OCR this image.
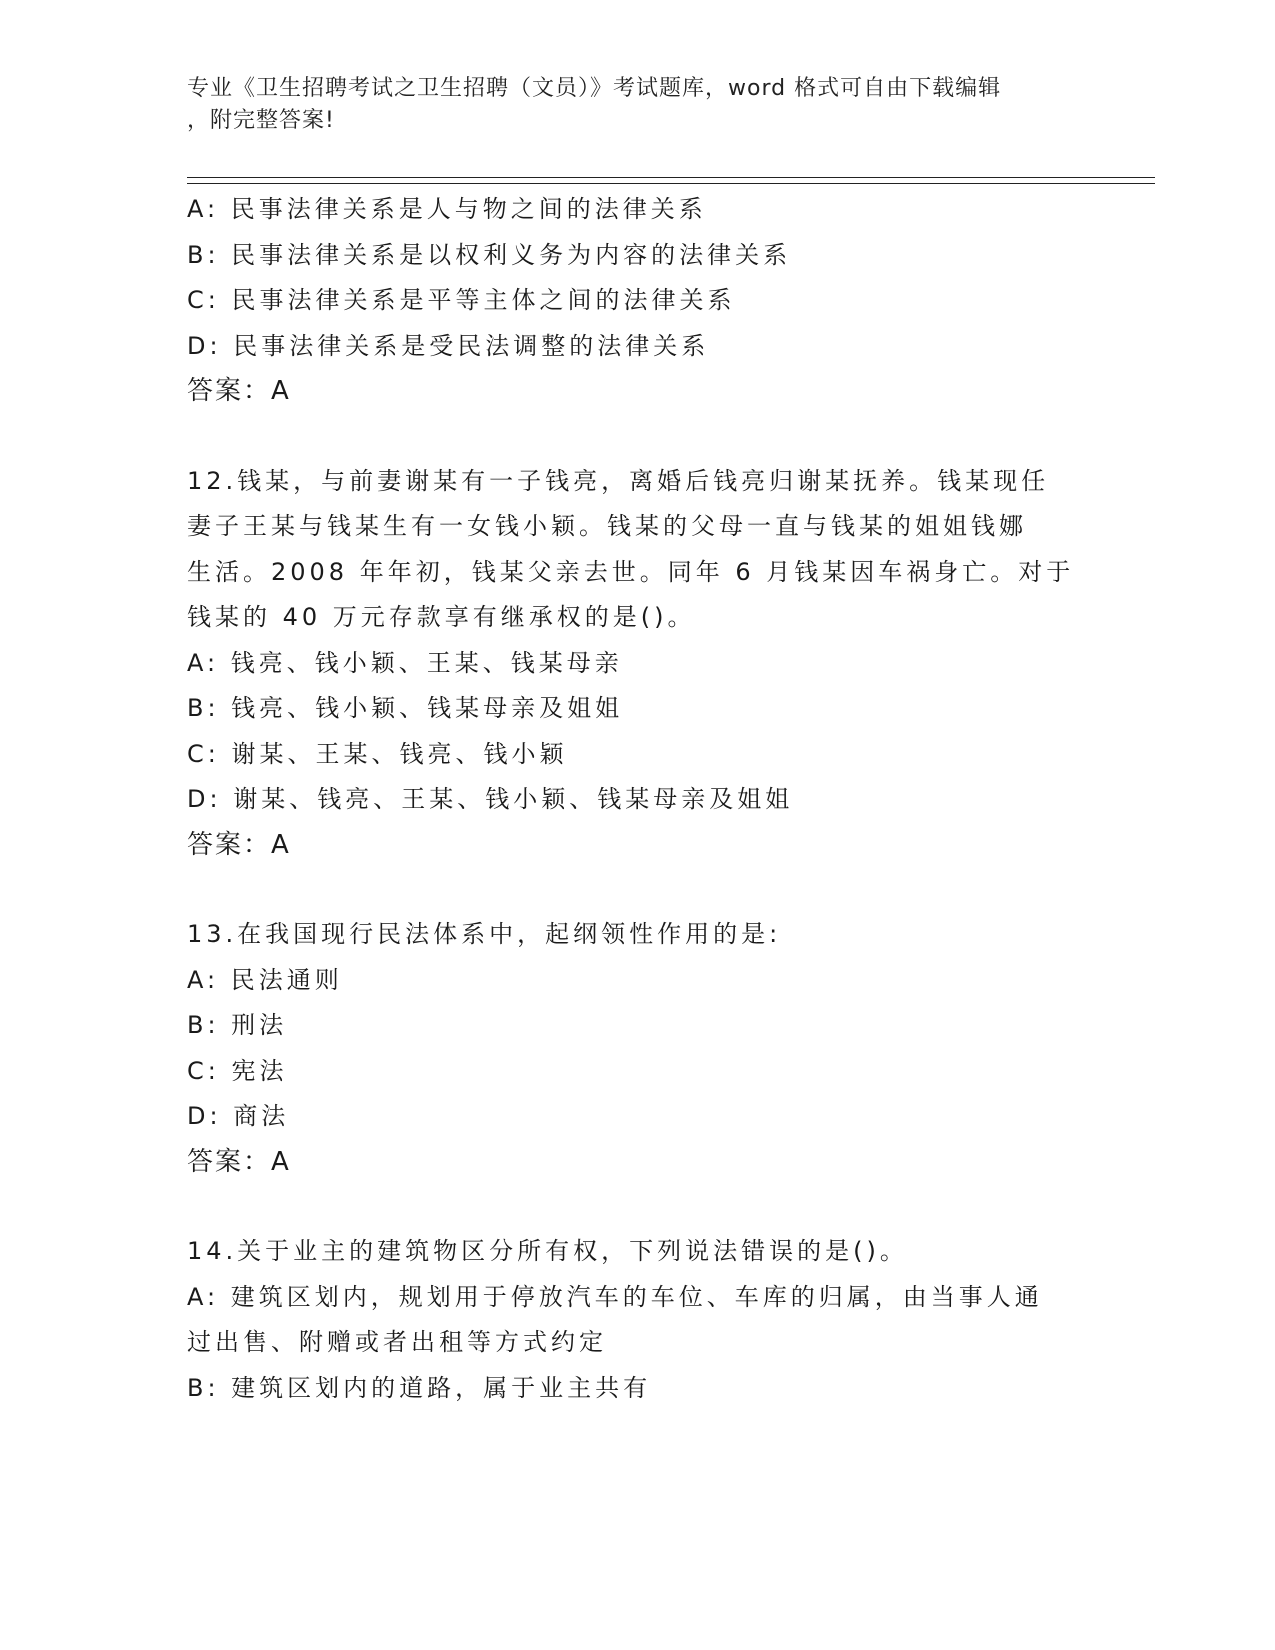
专业《卫生招聘考试之卫生招聘（文员）》考试题库，word 格式可自由下载编辑
，附完整答案!
A: 民事法律关系是人与物之间的法律关系
B: 民事法律关系是以权利义务为内容的法律关系
C: 民事法律关系是平等主体之间的法律关系
D: 民事法律关系是受民法调整的法律关系
答案：A
12.钱某，与前妻谢某有一子钱亮，离婚后钱亮归谢某抚养。钱某现任
妻子王某与钱某生有一女钱小颖。钱某的父母一直与钱某的姐姐钱娜
生活。2008 年年初，钱某父亲去世。同年 6 月钱某因车祸身亡。对于
钱某的 40 万元存款享有继承权的是()。
A: 钱亮、钱小颖、王某、钱某母亲
B: 钱亮、钱小颖、钱某母亲及姐姐
C: 谢某、王某、钱亮、钱小颖
D: 谢某、钱亮、王某、钱小颖、钱某母亲及姐姐
答案：A
13.在我国现行民法体系中，起纲领性作用的是:
A: 民法通则
B: 刑法
C: 宪法
D: 商法
答案：A
14.关于业主的建筑物区分所有权，下列说法错误的是()。
A: 建筑区划内，规划用于停放汽车的车位、车库的归属，由当事人通
过出售、附赠或者出租等方式约定
B: 建筑区划内的道路，属于业主共有
